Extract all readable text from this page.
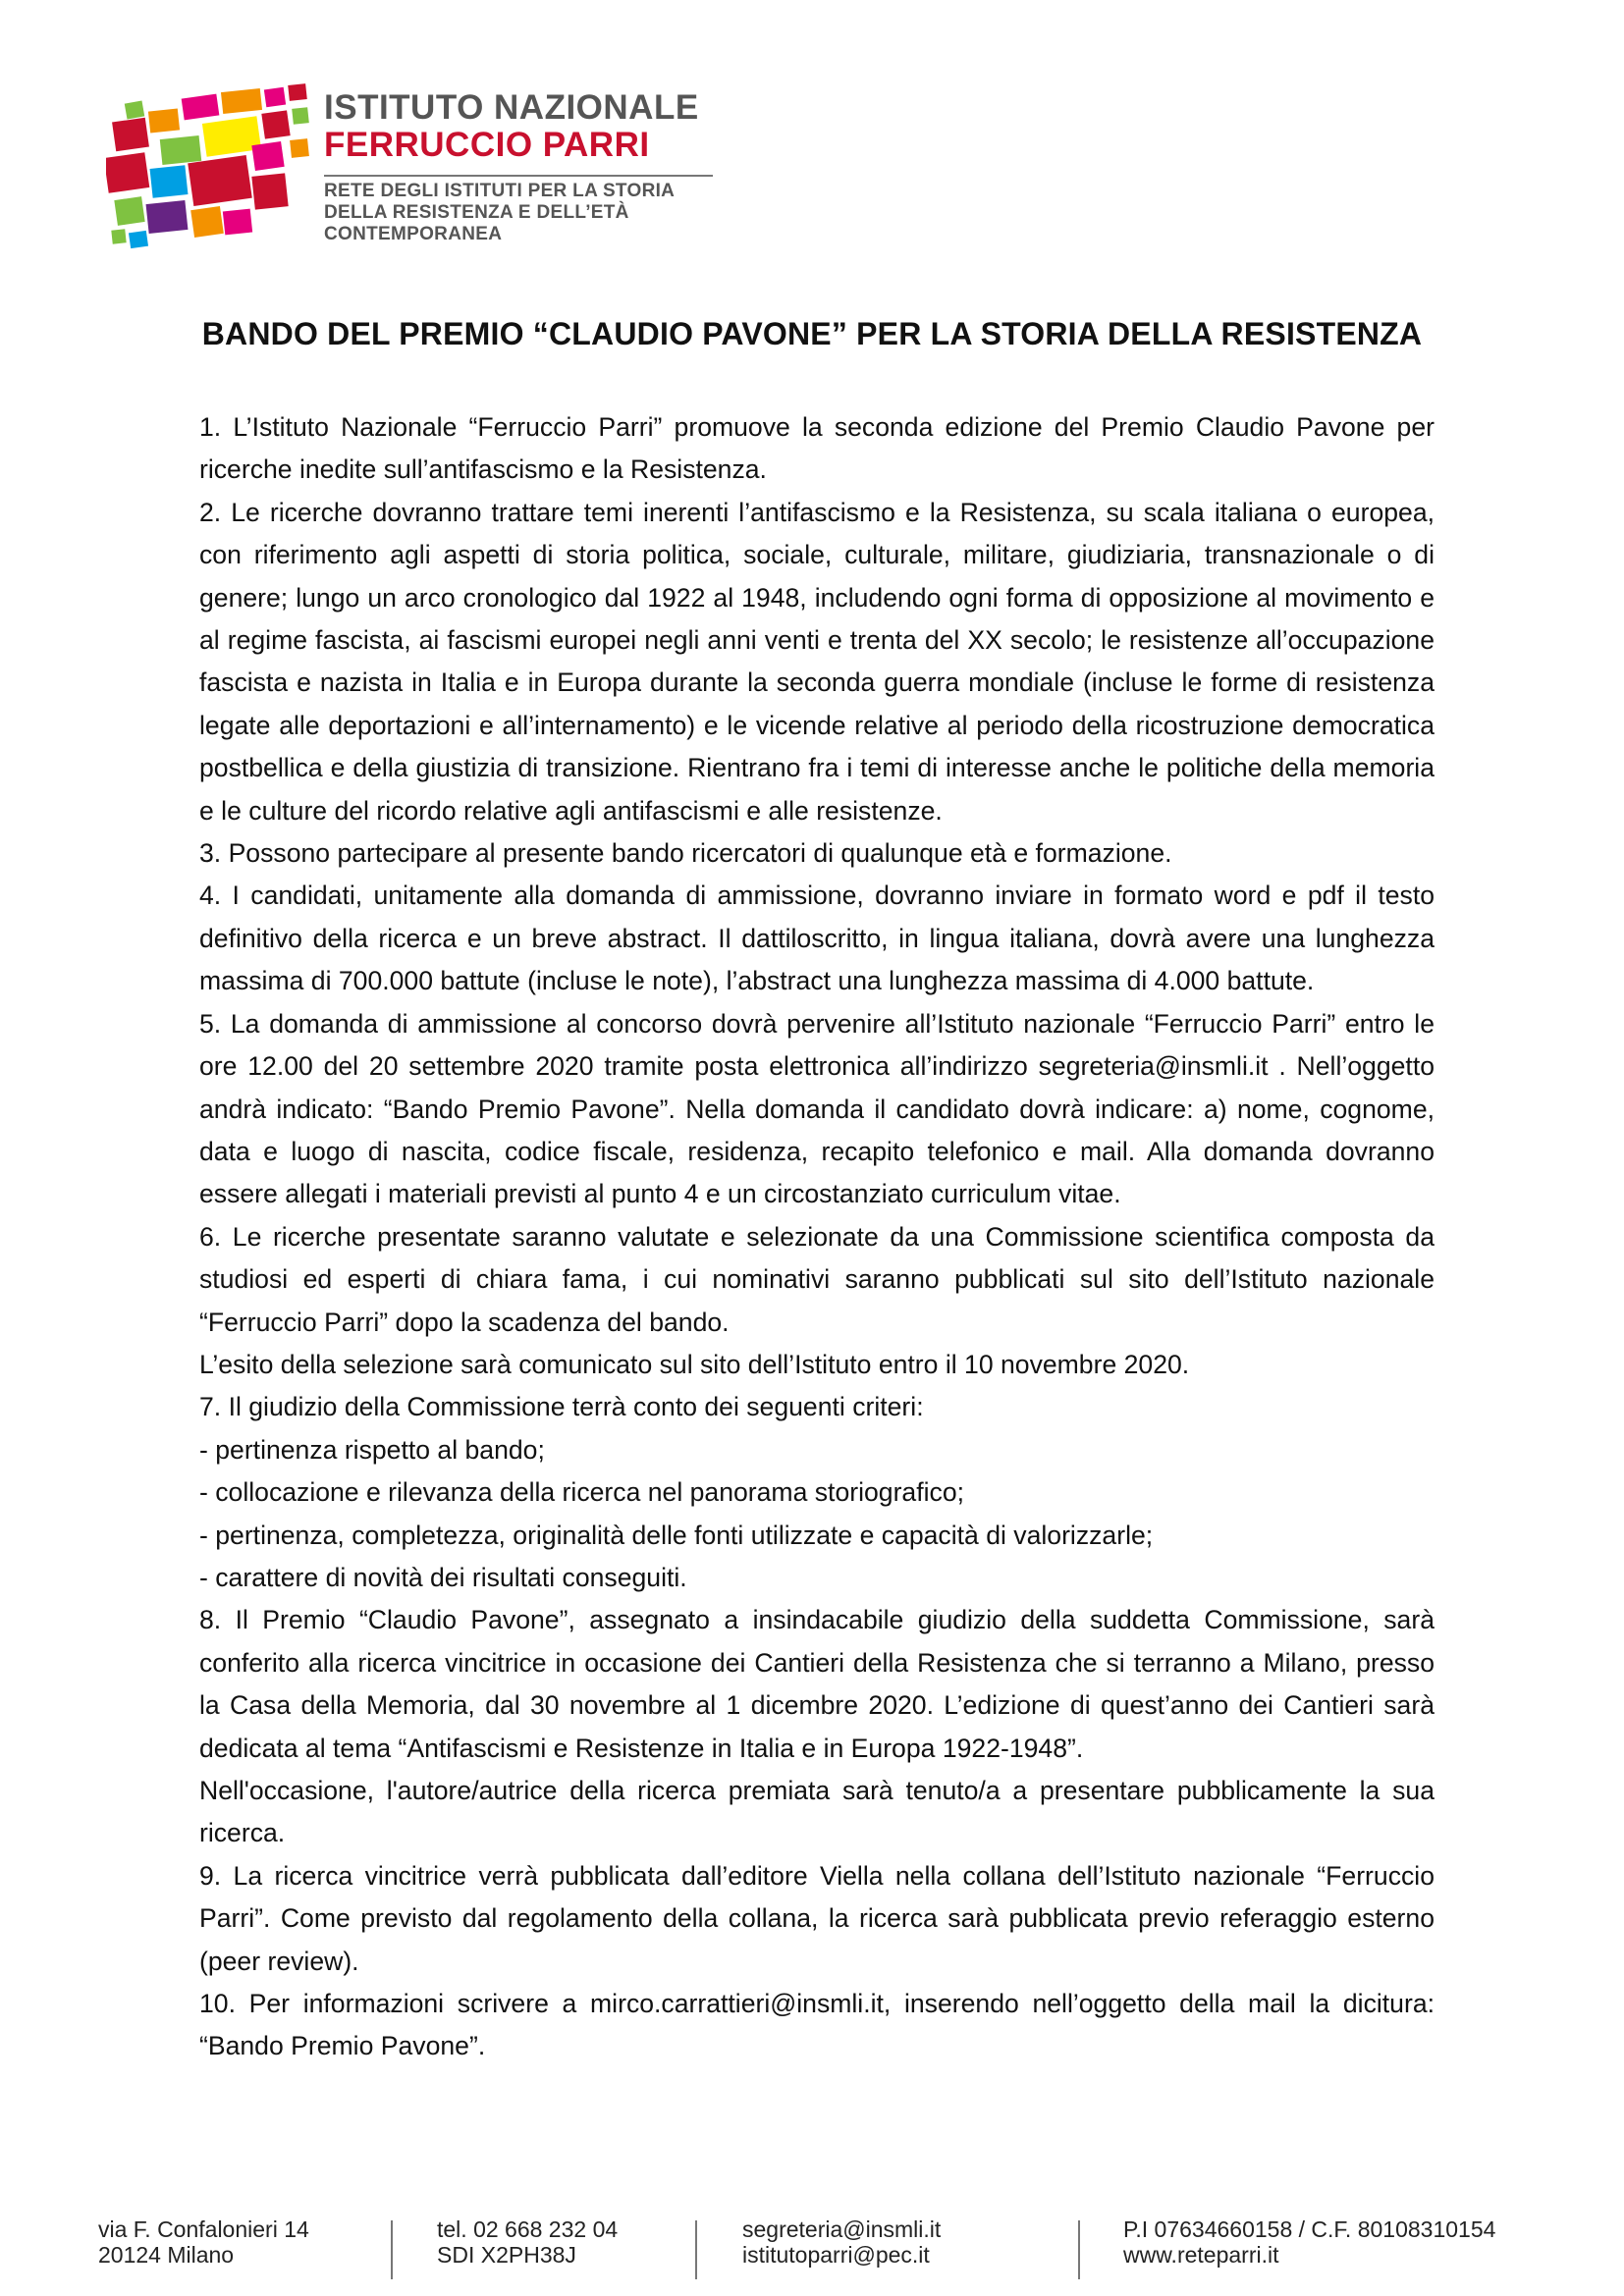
ISTITUTO NAZIONALE
FERRUCCIO PARRI
RETE DEGLI ISTITUTI PER LA STORIA
DELLA RESISTENZA E DELL’ETÀ
CONTEMPORANEA
BANDO DEL PREMIO “CLAUDIO PAVONE” PER LA STORIA DELLA RESISTENZA

1. L’Istituto Nazionale “Ferruccio Parri” promuove la seconda edizione del Premio Claudio Pavone per ricerche inedite sull’antifascismo e la Resistenza.

2. Le ricerche dovranno trattare temi inerenti l’antifascismo e la Resistenza, su scala italiana o europea, con riferimento agli aspetti di storia politica, sociale, culturale, militare, giudiziaria, transnazionale o di genere; lungo un arco cronologico dal 1922 al 1948, includendo ogni forma di opposizione al movimento e al regime fascista, ai fascismi europei negli anni venti e trenta del XX secolo; le resistenze all’occupazione fascista e nazista in Italia e in Europa durante la seconda guerra mondiale (incluse le forme di resistenza legate alle deportazioni e all’internamento) e le vicende relative al periodo della ricostruzione democratica postbellica e della giustizia di transizione. Rientrano fra i temi di interesse anche le politiche della memoria e le culture del ricordo relative agli antifascismi e alle resistenze.

3. Possono partecipare al presente bando ricercatori di qualunque età e formazione.

4. I candidati, unitamente alla domanda di ammissione, dovranno inviare in formato word e pdf il testo definitivo della ricerca e un breve abstract. Il dattiloscritto, in lingua italiana, dovrà avere una lunghezza massima di 700.000 battute (incluse le note), l’abstract una lunghezza massima di 4.000 battute.

5. La domanda di ammissione al concorso dovrà pervenire all’Istituto nazionale “Ferruccio Parri” entro le ore 12.00 del 20 settembre 2020 tramite posta elettronica all’indirizzo segreteria@insmli.it . Nell’oggetto andrà indicato: “Bando Premio Pavone”. Nella domanda il candidato dovrà indicare: a) nome, cognome, data e luogo di nascita, codice fiscale, residenza, recapito telefonico e mail. Alla domanda dovranno essere allegati i materiali previsti al punto 4 e un circostanziato curriculum vitae.

6. Le ricerche presentate saranno valutate e selezionate da una Commissione scientifica composta da studiosi ed esperti di chiara fama, i cui nominativi saranno pubblicati sul sito dell’Istituto nazionale “Ferruccio Parri” dopo la scadenza del bando.

L’esito della selezione sarà comunicato sul sito dell’Istituto entro il 10 novembre 2020.

7. Il giudizio della Commissione terrà conto dei seguenti criteri:

- pertinenza rispetto al bando;

- collocazione e rilevanza della ricerca nel panorama storiografico;

- pertinenza, completezza, originalità delle fonti utilizzate e capacità di valorizzarle;

- carattere di novità dei risultati conseguiti.

8. Il Premio “Claudio Pavone”, assegnato a insindacabile giudizio della suddetta Commissione, sarà conferito alla ricerca vincitrice in occasione dei Cantieri della Resistenza che si terranno a Milano, presso la Casa della Memoria, dal 30 novembre al 1 dicembre 2020. L’edizione di quest’anno dei Cantieri sarà dedicata al tema “Antifascismi e Resistenze in Italia e in Europa 1922-1948”.

Nell'occasione, l'autore/autrice della ricerca premiata sarà tenuto/a a presentare pubblicamente la sua ricerca.

9. La ricerca vincitrice verrà pubblicata dall’editore Viella nella collana dell’Istituto nazionale “Ferruccio Parri”. Come previsto dal regolamento della collana, la ricerca sarà pubblicata previo referaggio esterno (peer review).

10. Per informazioni scrivere a mirco.carrattieri@insmli.it, inserendo nell’oggetto della mail la dicitura: “Bando Premio Pavone”.

via F. Confalonieri 14
20124 Milano
tel. 02 668 232 04
SDI X2PH38J
segreteria@insmli.it
istitutoparri@pec.it
P.I 07634660158 / C.F. 80108310154
www.reteparri.it
